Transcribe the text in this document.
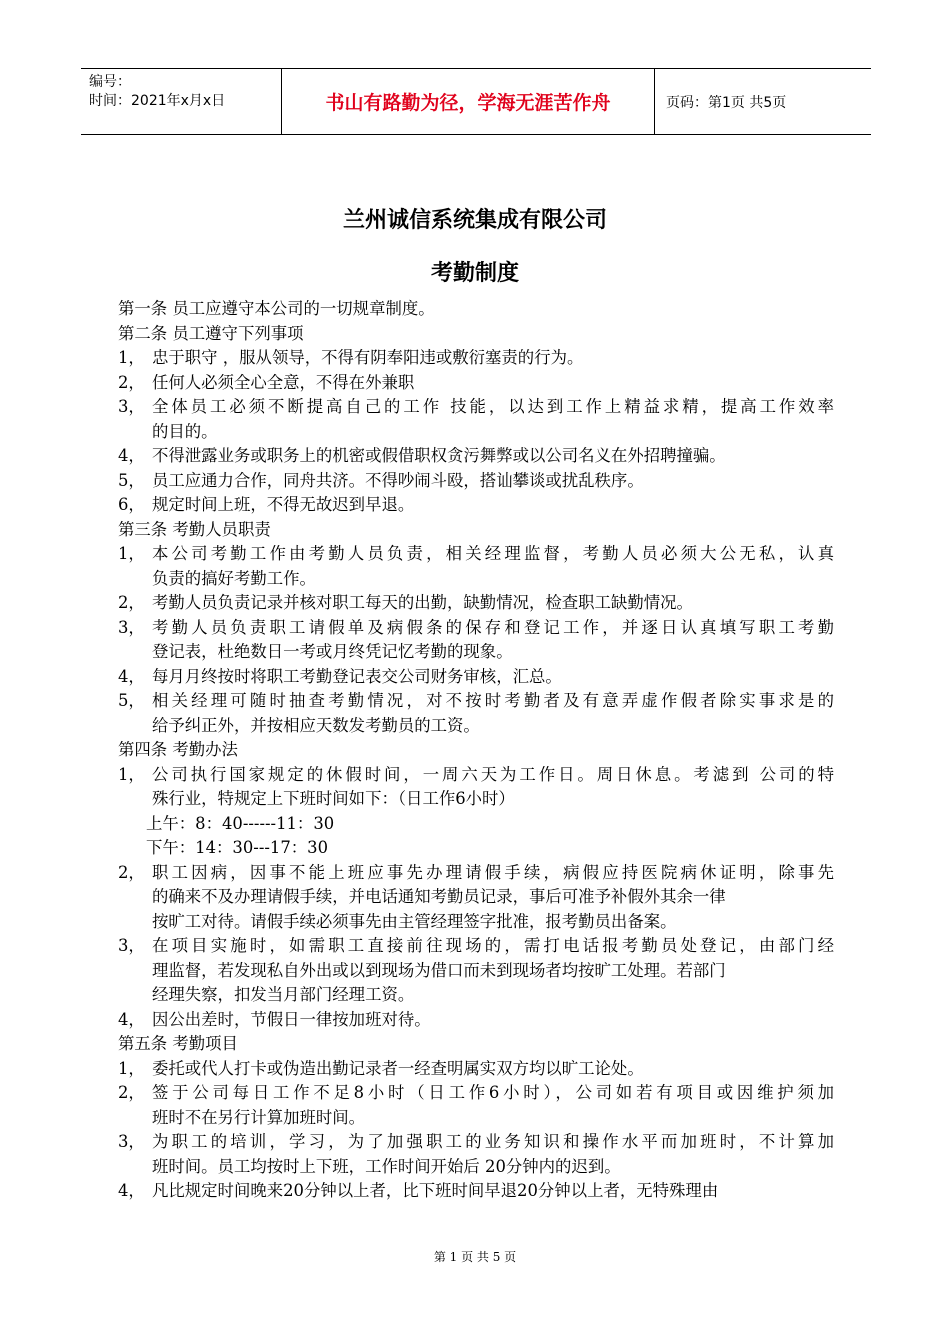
编号：
时间：2021年x月x日	书山有路勤为径，学海无涯苦作舟	页码：第1页 共5页
兰州诚信系统集成有限公司
考勤制度
第一条 员工应遵守本公司的一切规章制度。
第二条 员工遵守下列事项
1， 忠于职守 ，服从领导，不得有阴奉阳违或敷衍塞责的行为。
2， 任何人必须全心全意，不得在外兼职
3， 全体员工必须不断提高自己的工作 技能，以达到工作上精益求精，提高工作效率
的目的。
4， 不得泄露业务或职务上的机密或假借职权贪污舞弊或以公司名义在外招聘撞骗。
5， 员工应通力合作，同舟共济。不得吵闹斗殴，搭讪攀谈或扰乱秩序。
6， 规定时间上班，不得无故迟到早退。
第三条 考勤人员职责
1， 本公司考勤工作由考勤人员负责，相关经理监督，考勤人员必须大公无私，认真
负责的搞好考勤工作。
2， 考勤人员负责记录并核对职工每天的出勤，缺勤情况，检查职工缺勤情况。
3， 考勤人员负责职工请假单及病假条的保存和登记工作，并逐日认真填写职工考勤
登记表，杜绝数日一考或月终凭记忆考勤的现象。
4， 每月月终按时将职工考勤登记表交公司财务审核，汇总。
5， 相关经理可随时抽查考勤情况，对不按时考勤者及有意弄虚作假者除实事求是的
给予纠正外，并按相应天数发考勤员的工资。
第四条 考勤办法
1， 公司执行国家规定的休假时间，一周六天为工作日。周日休息。考滤到 公司的特
殊行业，特规定上下班时间如下：（日工作6小时）
上午：8：40------11：30
下午：14：30---17：30
2， 职工因病，因事不能上班应事先办理请假手续，病假应持医院病休证明，除事先
的确来不及办理请假手续，并电话通知考勤员记录，事后可准予补假外其余一律
按旷工对待。请假手续必须事先由主管经理签字批准，报考勤员出备案。
3， 在项目实施时，如需职工直接前往现场的，需打电话报考勤员处登记，由部门经
理监督，若发现私自外出或以到现场为借口而未到现场者均按旷工处理。若部门
经理失察，扣发当月部门经理工资。
4， 因公出差时，节假日一律按加班对待。
第五条 考勤项目
1， 委托或代人打卡或伪造出勤记录者一经查明属实双方均以旷工论处。
2， 签于公司每日工作不足8小时（日工作6小时），公司如若有项目或因维护须加
班时不在另行计算加班时间。
3， 为职工的培训，学习，为了加强职工的业务知识和操作水平而加班时，不计算加
班时间。员工均按时上下班，工作时间开始后 20分钟内的迟到。
4， 凡比规定时间晚来20分钟以上者，比下班时间早退20分钟以上者，无特殊理由
第 1 页 共 5 页
